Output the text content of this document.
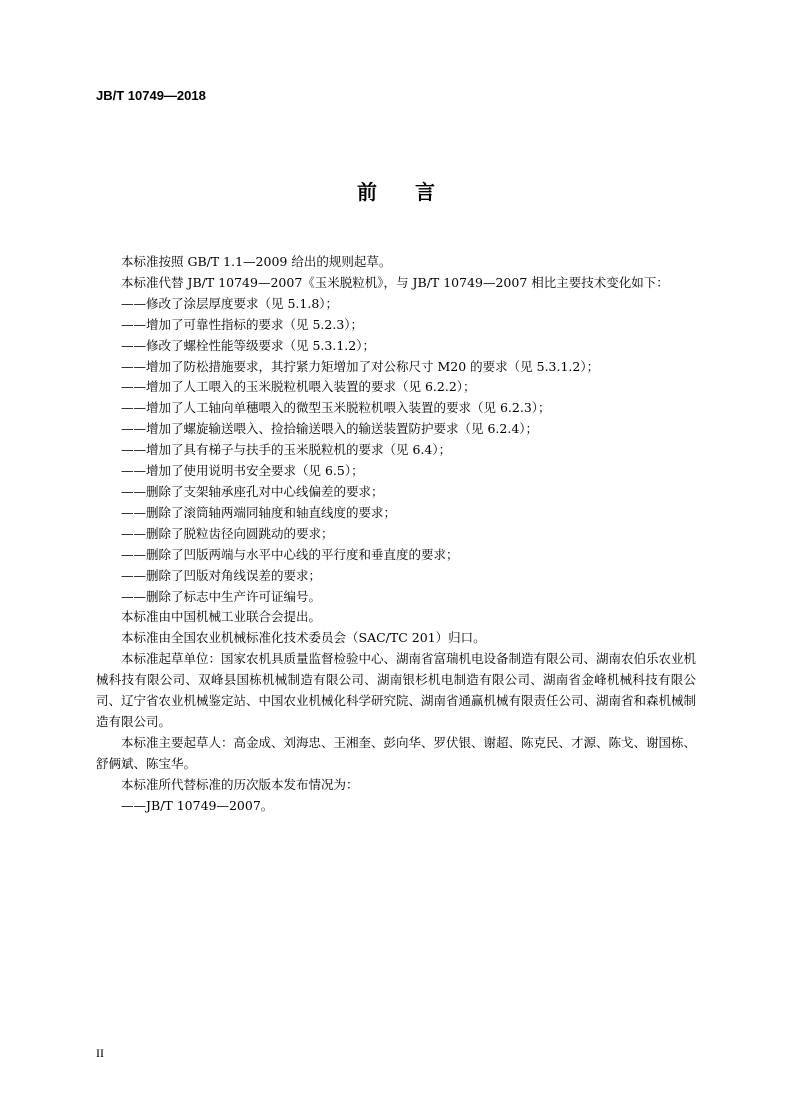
JB/T 10749—2018
前言

本标准按照 GB/T 1.1—2009 给出的规则起草。

本标准代替 JB/T 10749—2007《玉米脱粒机》，与 JB/T 10749—2007 相比主要技术变化如下：

——修改了涂层厚度要求（见 5.1.8）；

——增加了可靠性指标的要求（见 5.2.3）；

——修改了螺栓性能等级要求（见 5.3.1.2）；

——增加了防松措施要求，其拧紧力矩增加了对公称尺寸 M20 的要求（见 5.3.1.2）；

——增加了人工喂入的玉米脱粒机喂入装置的要求（见 6.2.2）；

——增加了人工轴向单穗喂入的微型玉米脱粒机喂入装置的要求（见 6.2.3）；

——增加了螺旋输送喂入、捡拾输送喂入的输送装置防护要求（见 6.2.4）；

——增加了具有梯子与扶手的玉米脱粒机的要求（见 6.4）；

——增加了使用说明书安全要求（见 6.5）；

——删除了支架轴承座孔对中心线偏差的要求；

——删除了滚筒轴两端同轴度和轴直线度的要求；

——删除了脱粒齿径向圆跳动的要求；

——删除了凹版两端与水平中心线的平行度和垂直度的要求；

——删除了凹版对角线误差的要求；

——删除了标志中生产许可证编号。

本标准由中国机械工业联合会提出。

本标准由全国农业机械标准化技术委员会（SAC/TC 201）归口。

本标准起草单位：国家农机具质量监督检验中心、湖南省富瑞机电设备制造有限公司、湖南农伯乐农业机械科技有限公司、双峰县国栋机械制造有限公司、湖南银杉机电制造有限公司、湖南省金峰机械科技有限公司、辽宁省农业机械鉴定站、中国农业机械化科学研究院、湖南省通赢机械有限责任公司、湖南省和森机械制造有限公司。

本标准主要起草人：高金成、刘海忠、王湘奎、彭向华、罗伏银、谢超、陈克民、才源、陈戈、谢国栋、舒俩斌、陈宝华。

本标准所代替标准的历次版本发布情况为：

——JB/T 10749—2007。

II
